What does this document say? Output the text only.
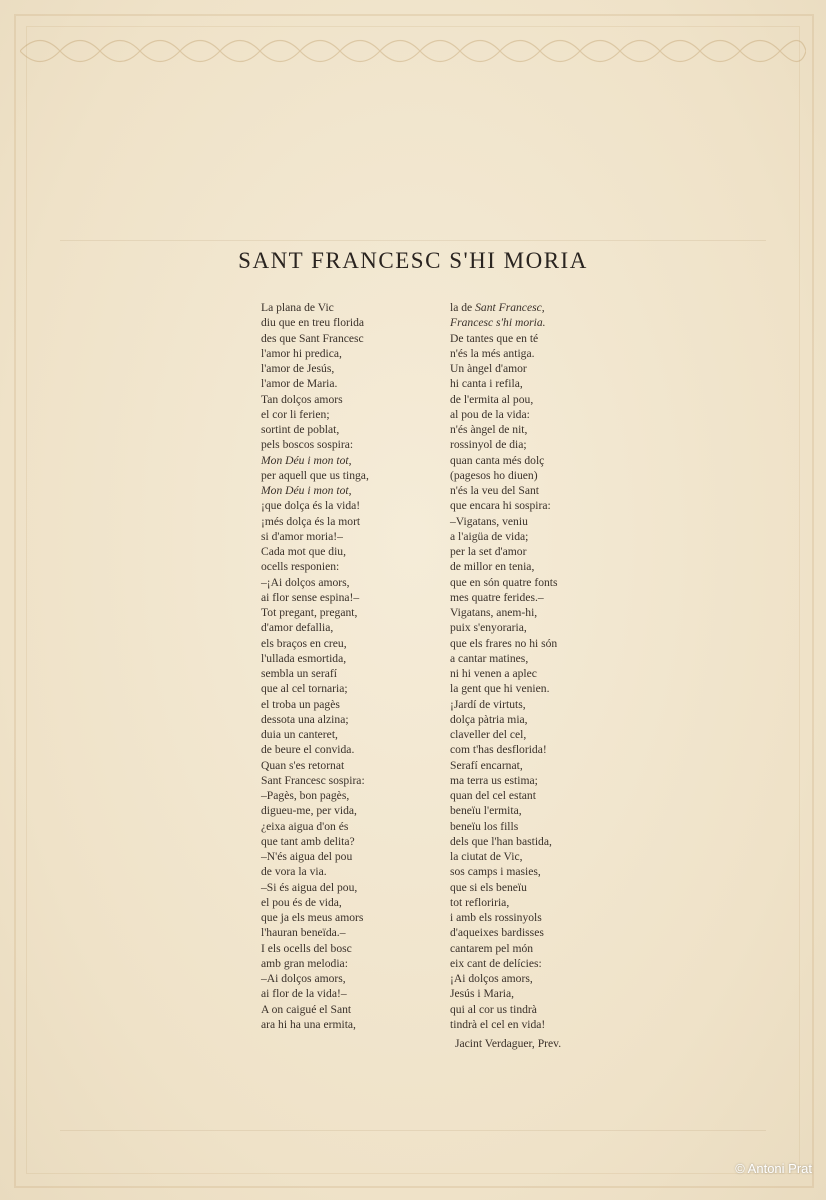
SANT FRANCESC S'HI MORIA
La plana de Vic
diu que en treu florida
des que Sant Francesc
l'amor hi predica,
l'amor de Jesús,
l'amor de Maria.
Tan dolços amors
el cor li ferien;
sortint de poblat,
pels boscos sospira:
Mon Déu i mon tot,
per aquell que us tinga,
Mon Déu i mon tot,
¡que dolça és la vida!
¡més dolça és la mort
si d'amor moria!–
Cada mot que diu,
ocells responien:
–¡Ai dolços amors,
ai flor sense espina!–
Tot pregant, pregant,
d'amor defallia,
els braços en creu,
l'ullada esmortida,
sembla un serafí
que al cel tornaria;
el troba un pagès
dessota una alzina;
duia un canteret,
de beure el convida.
Quan s'es retornat
Sant Francesc sospira:
–Pagès, bon pagès,
digueu-me, per vida,
¿eixa aigua d'on és
que tant amb delita?
–N'és aigua del pou
de vora la via.
–Si és aigua del pou,
el pou és de vida,
que ja els meus amors
l'hauran beneïda.–
I els ocells del bosc
amb gran melodia:
–Ai dolços amors,
ai flor de la vida!–
A on caigué el Sant
ara hi ha una ermita,
la de Sant Francesc,
Francesc s'hi moria.
De tantes que en té
n'és la més antiga.
Un àngel d'amor
hi canta i refila,
de l'ermita al pou,
al pou de la vida:
n'és àngel de nit,
rossinyol de dia;
quan canta més dolç
(pagesos ho diuen)
n'és la veu del Sant
que encara hi sospira:
–Vigatans, veniu
a l'aigüa de vida;
per la set d'amor
de millor en tenia,
que en són quatre fonts
mes quatre ferides.–
Vigatans, anem-hi,
puix s'enyoraria,
que els frares no hi són
a cantar matines,
ni hi venen a aplec
la gent que hi venien.
¡Jardí de virtuts,
dolça pàtria mia,
claveller del cel,
com t'has desflorida!
Serafí encarnat,
ma terra us estima;
quan del cel estant
beneïu l'ermita,
beneïu los fills
dels que l'han bastida,
la ciutat de Vic,
sos camps i masies,
que si els beneïu
tot refloriria,
i amb els rossinyols
d'aqueixes bardisses
cantarem pel món
eix cant de delícies:
¡Ai dolços amors,
Jesús i Maria,
qui al cor us tindrà
tindrà el cel en vida!
Jacint Verdaguer, Prev.
© Antoni Prat
